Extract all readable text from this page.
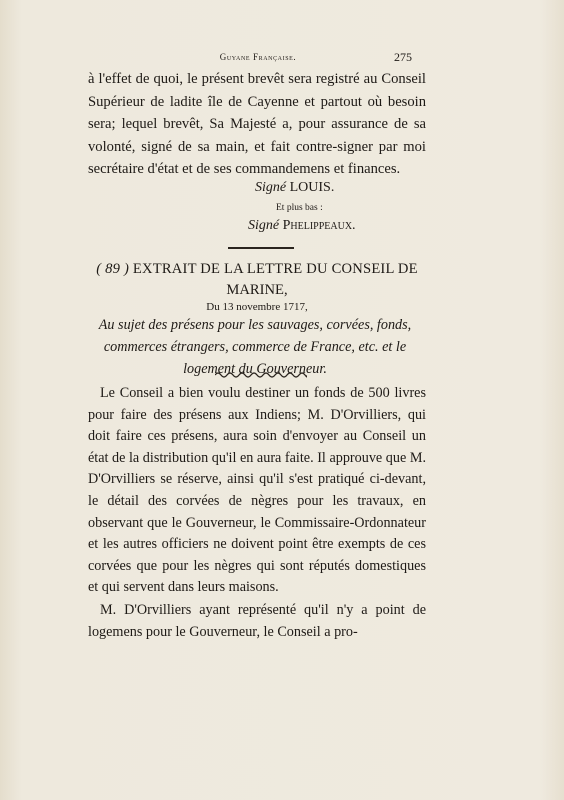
Guyane Française.	275
à l'effet de quoi, le présent brevêt sera registré au Conseil Supérieur de ladite île de Cayenne et partout où besoin sera; lequel brevêt, Sa Majesté a, pour assurance de sa volonté, signé de sa main, et fait contre-signer par moi secrétaire d'état et de ses commandemens et finances.
Signé LOUIS.
Et plus bas :
Signé Phelippeaux.
( 89 ) EXTRAIT DE LA LETTRE DU CONSEIL DE
MARINE,
Du 13 novembre 1717,
Au sujet des présens pour les sauvages, corvées, fonds, commerces étrangers, commerce de France, etc. et le logement du Gouverneur.
Le Conseil a bien voulu destiner un fonds de 500 livres pour faire des présens aux Indiens; M. D'Orvilliers, qui doit faire ces présens, aura soin d'envoyer au Conseil un état de la distribution qu'il en aura faite. Il approuve que M. D'Orvilliers se réserve, ainsi qu'il s'est pratiqué ci-devant, le détail des corvées de nègres pour les travaux, en observant que le Gouverneur, le Commissaire-Ordonnateur et les autres officiers ne doivent point être exempts de ces corvées que pour les nègres qui sont réputés domestiques et qui servent dans leurs maisons.
M. D'Orvilliers ayant représenté qu'il n'y a point de logemens pour le Gouverneur, le Conseil a pro-
